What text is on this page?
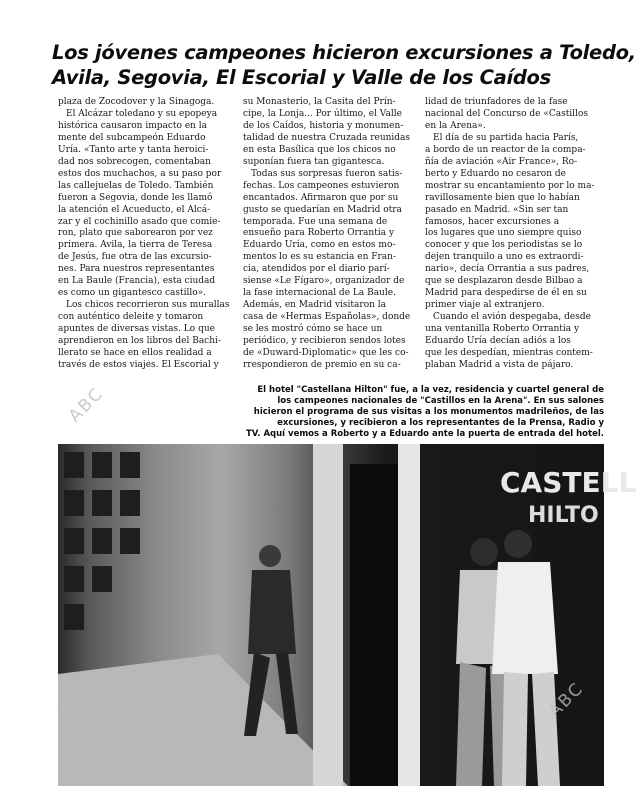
Los jóvenes campeones hicieron excursiones a Toledo,
Avila, Segovia, El Escorial y Valle de los Caídos

plaza de Zocodover y la Sinagoga.

El Alcázar toledano y su epopeya

histórica causaron impacto en la

mente del subcampeón Eduardo

Uría. «Tanto arte y tanta heroici-

dad nos sobrecogen, comentaban

estos dos muchachos, a su paso por

las callejuelas de Toledo. También

fueron a Segovia, donde les llamó

la atención el Acueducto, el Alcá-

zar y el cochinillo asado que comie-

ron, plato que saborearon por vez

primera. Avila, la tierra de Teresa

de Jesús, fue otra de las excursio-

nes. Para nuestros representantes

en La Baule (Francia), esta ciudad

es como un gigantesco castillo».

Los chicos recorrieron sus murallas

con auténtico deleite y tomaron

apuntes de diversas vistas. Lo que

aprendieron en los libros del Bachi-

llerato se hace en ellos realidad a

través de estos viajes. El Escorial y

su Monasterio, la Casita del Prín-

cipe, la Lonja... Por último, el Valle

de los Caídos, historia y monumen-

talidad de nuestra Cruzada reunidas

en esta Basílica que los chicos no

suponían fuera tan gigantesca.

Todas sus sorpresas fueron satis-

fechas. Los campeones estuvieron

encantados. Afirmaron que por su

gusto se quedarían en Madrid otra

temporada. Fue una semana de

ensueño para Roberto Orrantia y

Eduardo Uría, como en estos mo-

mentos lo es su estancia en Fran-

cia, atendidos por el diario parí-

siense «Le Fígaro», organizador de

la fase internacional de La Baule.

Además, en Madrid visitaron la

casa de «Hermas Españolas», donde

se les mostró cómo se hace un

periódico, y recibieron sendos lotes

de «Duward-Diplomatic» que les co-

rrespondieron de premio en su ca-

lidad de triunfadores de la fase

nacional del Concurso de «Castillos

en la Arena».

El día de su partida hacia París,

a bordo de un reactor de la compa-

ñía de aviación «Air France», Ro-

berto y Eduardo no cesaron de

mostrar su encantamiento por lo ma-

ravillosamente bien que lo habían

pasado en Madrid. «Sin ser tan

famosos, hacer excursiones a

los lugares que uno siempre quiso

conocer y que los periodistas se lo

dejen tranquilo a uno es extraordi-

nario», decía Orrantia a sus padres,

que se desplazaron desde Bilbao a

Madrid para despedirse de él en su

primer viaje al extranjero.

Cuando el avión despegaba, desde

una ventanilla Roberto Orrantia y

Eduardo Uría decían adiós a los

que les despedían, mientras contem-

plaban Madrid a vista de pájaro.

El hotel "Castellana Hilton" fue, a la vez, residencia y cuartel general de
los campeones nacionales de "Castillos en la Arena". En sus salones
hicieron el programa de sus visitas a los monumentos madrileños, de las
excursiones, y recibieron a los representantes de la Prensa, Radio y
TV. Aquí vemos a Roberto y a Eduardo ante la puerta de entrada del hotel.
CASTELL
HILTO
ABC
ABC	ABC
